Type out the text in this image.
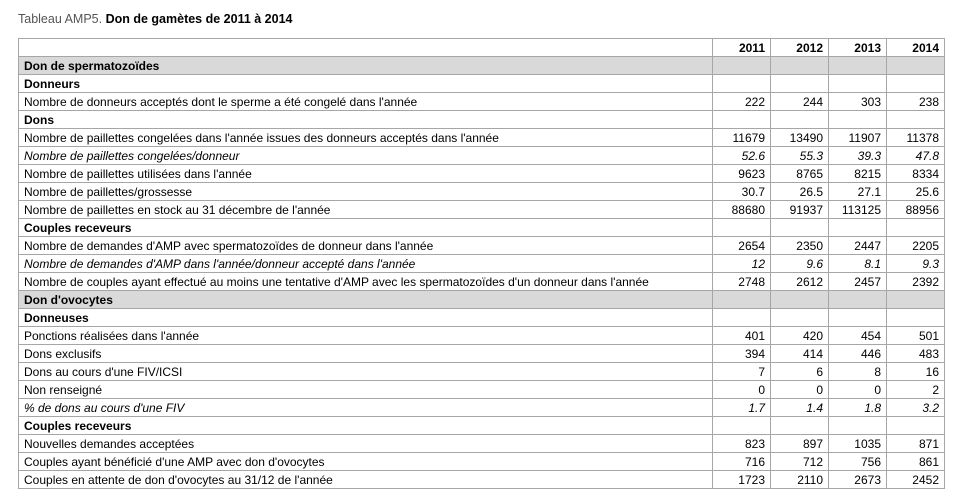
Tableau AMP5. Don de gamètes de 2011 à 2014
	2011	2012	2013	2014
Don de spermatozoïdes				
Donneurs				
Nombre de donneurs acceptés dont le sperme a été congelé dans l'année	222	244	303	238
Dons				
Nombre de paillettes congelées dans l'année issues des donneurs acceptés dans l'année	11679	13490	11907	11378
Nombre de paillettes congelées/donneur	52.6	55.3	39.3	47.8
Nombre de paillettes utilisées dans l'année	9623	8765	8215	8334
Nombre de paillettes/grossesse	30.7	26.5	27.1	25.6
Nombre de paillettes en stock au 31 décembre de l'année	88680	91937	113125	88956
Couples receveurs				
Nombre de demandes d'AMP avec spermatozoïdes de donneur dans l'année	2654	2350	2447	2205
Nombre de demandes d'AMP dans l'année/donneur accepté dans l'année	12	9.6	8.1	9.3
Nombre de couples ayant effectué au moins une tentative d'AMP avec les spermatozoïdes d'un donneur dans l'année	2748	2612	2457	2392
Don d'ovocytes				
Donneuses				
Ponctions réalisées dans l'année	401	420	454	501
Dons exclusifs	394	414	446	483
Dons au cours d'une FIV/ICSI	7	6	8	16
Non renseigné	0	0	0	2
% de dons au cours d'une FIV	1.7	1.4	1.8	3.2
Couples receveurs				
Nouvelles demandes acceptées	823	897	1035	871
Couples ayant bénéficié d'une AMP avec don d'ovocytes	716	712	756	861
Couples en attente de don d'ovocytes au 31/12 de l'année	1723	2110	2673	2452
